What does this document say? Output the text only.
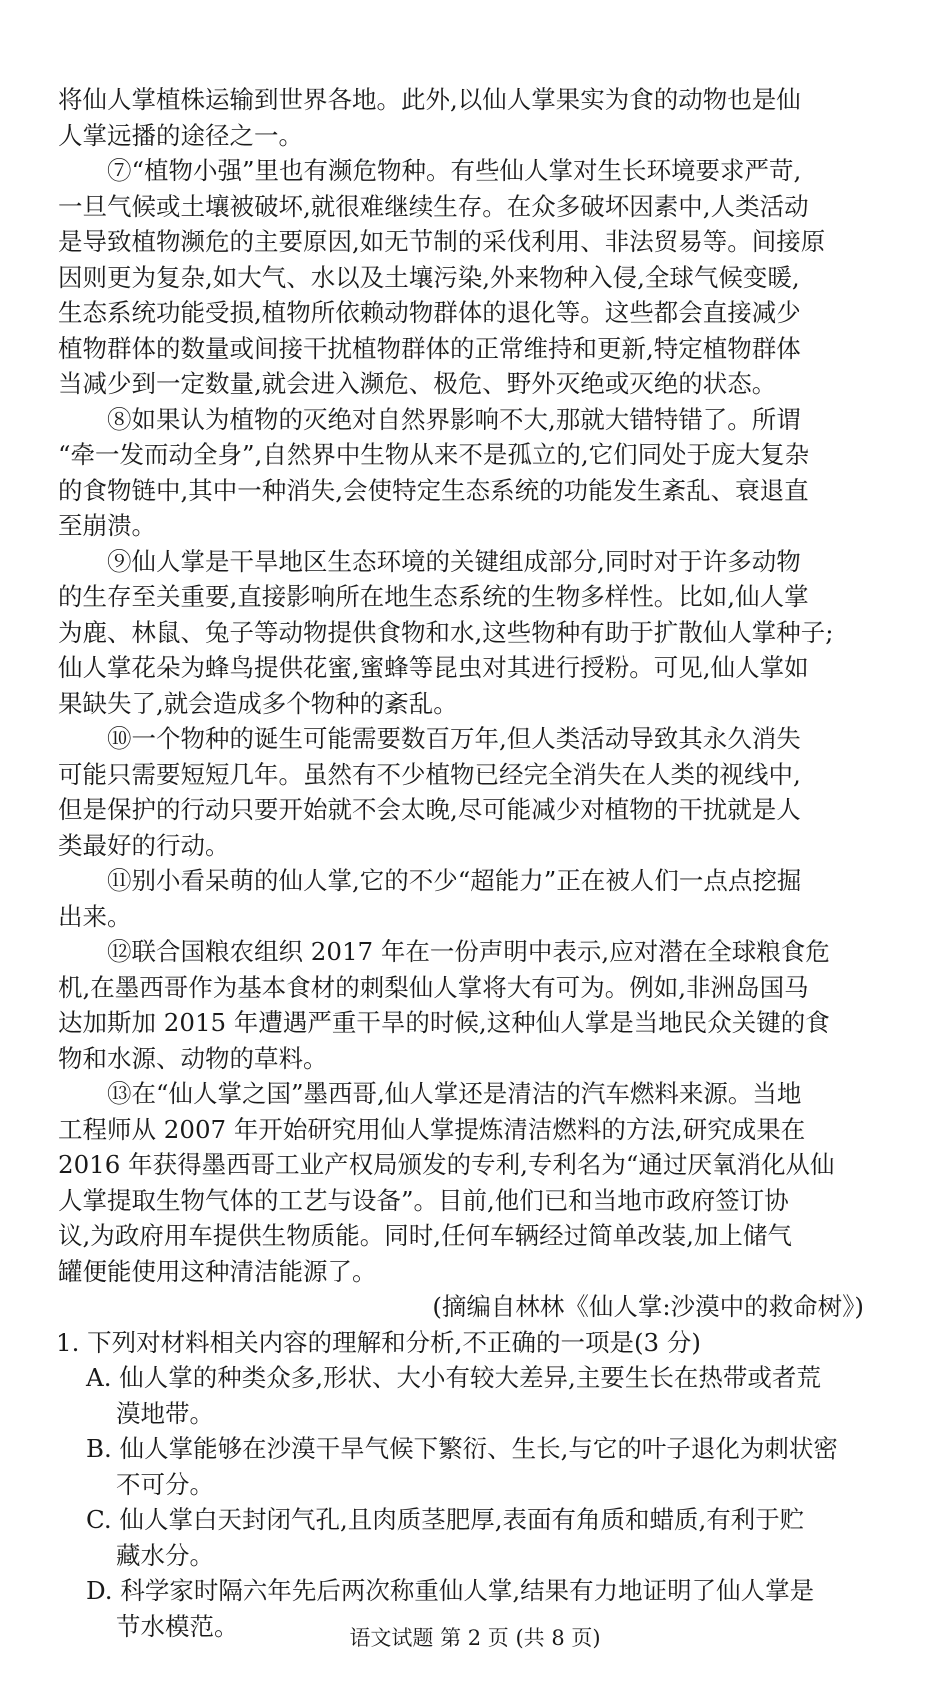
将仙人掌植株运输到世界各地。此外,以仙人掌果实为食的动物也是仙
人掌远播的途径之一。
⑦“植物小强”里也有濒危物种。有些仙人掌对生长环境要求严苛,
一旦气候或土壤被破坏,就很难继续生存。在众多破坏因素中,人类活动
是导致植物濒危的主要原因,如无节制的采伐利用、非法贸易等。间接原
因则更为复杂,如大气、水以及土壤污染,外来物种入侵,全球气候变暖,
生态系统功能受损,植物所依赖动物群体的退化等。这些都会直接减少
植物群体的数量或间接干扰植物群体的正常维持和更新,特定植物群体
当减少到一定数量,就会进入濒危、极危、野外灭绝或灭绝的状态。
⑧如果认为植物的灭绝对自然界影响不大,那就大错特错了。所谓
“牵一发而动全身”,自然界中生物从来不是孤立的,它们同处于庞大复杂
的食物链中,其中一种消失,会使特定生态系统的功能发生紊乱、衰退直
至崩溃。
⑨仙人掌是干旱地区生态环境的关键组成部分,同时对于许多动物
的生存至关重要,直接影响所在地生态系统的生物多样性。比如,仙人掌
为鹿、林鼠、兔子等动物提供食物和水,这些物种有助于扩散仙人掌种子;
仙人掌花朵为蜂鸟提供花蜜,蜜蜂等昆虫对其进行授粉。可见,仙人掌如
果缺失了,就会造成多个物种的紊乱。
⑩一个物种的诞生可能需要数百万年,但人类活动导致其永久消失
可能只需要短短几年。虽然有不少植物已经完全消失在人类的视线中,
但是保护的行动只要开始就不会太晚,尽可能减少对植物的干扰就是人
类最好的行动。
⑪别小看呆萌的仙人掌,它的不少“超能力”正在被人们一点点挖掘
出来。
⑫联合国粮农组织 2017 年在一份声明中表示,应对潜在全球粮食危
机,在墨西哥作为基本食材的刺梨仙人掌将大有可为。例如,非洲岛国马
达加斯加 2015 年遭遇严重干旱的时候,这种仙人掌是当地民众关键的食
物和水源、动物的草料。
⑬在“仙人掌之国”墨西哥,仙人掌还是清洁的汽车燃料来源。当地
工程师从 2007 年开始研究用仙人掌提炼清洁燃料的方法,研究成果在
2016 年获得墨西哥工业产权局颁发的专利,专利名为“通过厌氧消化从仙
人掌提取生物气体的工艺与设备”。目前,他们已和当地市政府签订协
议,为政府用车提供生物质能。同时,任何车辆经过简单改装,加上储气
罐便能使用这种清洁能源了。
(摘编自林林《仙人掌:沙漠中的救命树》)
1. 下列对材料相关内容的理解和分析,不正确的一项是(3 分)
A. 仙人掌的种类众多,形状、大小有较大差异,主要生长在热带或者荒
漠地带。
B. 仙人掌能够在沙漠干旱气候下繁衍、生长,与它的叶子退化为刺状密
不可分。
C. 仙人掌白天封闭气孔,且肉质茎肥厚,表面有角质和蜡质,有利于贮
藏水分。
D. 科学家时隔六年先后两次称重仙人掌,结果有力地证明了仙人掌是
节水模范。	语文试题 第 2 页 (共 8 页)
